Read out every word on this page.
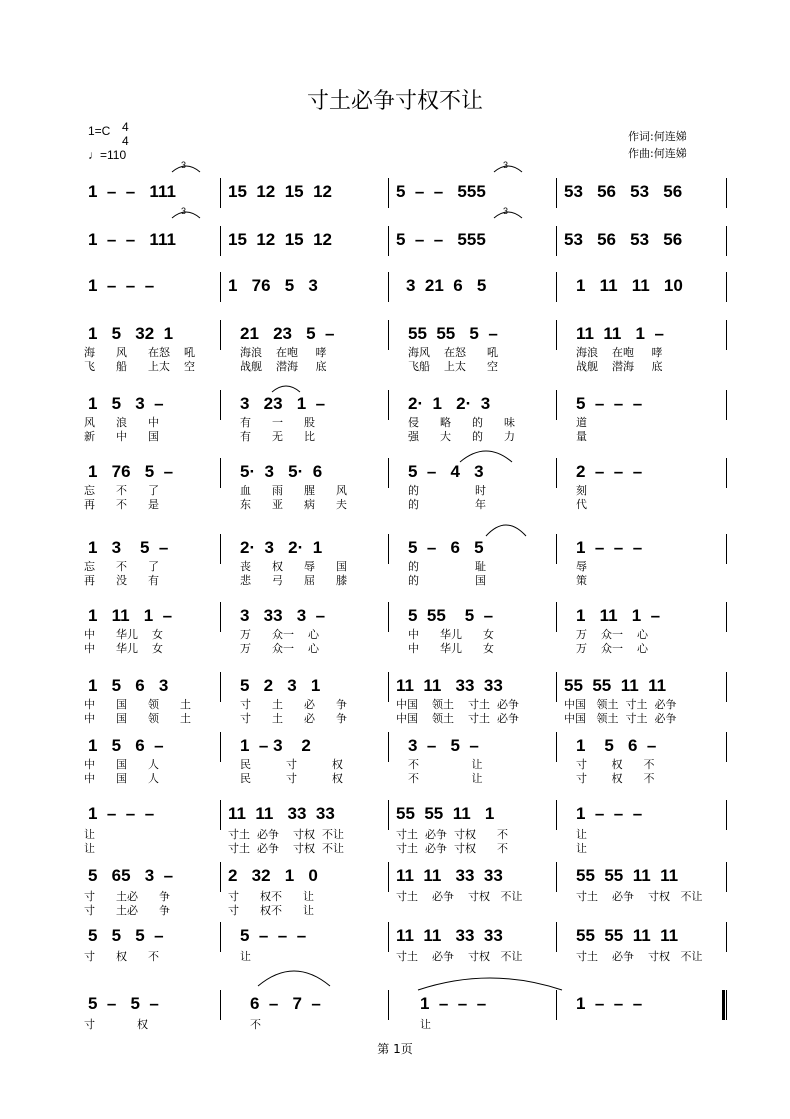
寸土必争寸权不让
1=C 4
4
♩=110
作词:何连娣
作曲:何连娣
1  –  –   111	15  12  15  12	5  –  –   555	53   56   53   56
1  –  –   111	15  12  15  12	5  –  –   555	53   56   53   56
1  –  –  –	1   76   5   3	3  21  6   5	1   11   11   10
1   5   32  1	21   23   5  –	55  55   5  –	11  11   1  –
海      风      在怒    吼	海浪    在咆     哮	海风    在怒      吼	海浪    在咆     哮
飞      船      上太    空	战舰    潜海     底	飞船    上太      空	战舰    潜海     底
1   5   3  –	3   23   1  –	2·  1   2·  3	5  –  –  –
风      浪      中	有      一      股	侵      略      的      味	道
新      中      国	有      无      比	强      大      的      力	量
1   76   5  –	5·  3   5·  6	5  –   4   3	2  –  –  –
忘      不      了	血      雨      腥      风	的                时	刻
再      不      是	东      亚      病      夫	的                年	代
1   3    5  –	2·  3   2·  1	5  –   6   5	1  –  –  –
忘      不      了	丧      权      辱      国	的                耻	辱
再      没      有	悲      弓      屈      膝	的                国	策
1   11   1  –	3   33   3  –	5  55    5  –	1   11   1  –
中      华儿    女	万      众一    心	中      华儿      女	万    众一    心
中      华儿    女	万      众一    心	中      华儿      女	万    众一    心
1   5   6   3	5   2   3   1	11  11   33  33	55  55  11  11
中      国      领      土	寸      土      必      争	中国    领土    寸土  必争	中国   领土  寸土  必争
中      国      领      土	寸      土      必      争	中国    领土    寸土  必争	中国   领土  寸土  必争
1   5   6  –	1  – 3    2	3  –   5  –	1    5   6  –
中      国      人	民          寸          权	不               让	寸       权      不
中      国      人	民          寸          权	不               让	寸       权      不
1  –  –  –	11  11   33  33	55  55  11   1	1  –  –  –
让	寸土  必争    寸权  不让	寸土  必争  寸权      不	让
让	寸土  必争    寸权  不让	寸土  必争  寸权      不	让
5   65   3  –	2   32   1   0	11  11   33  33	55  55  11  11
寸      土必      争	寸      权不      让	寸土    必争    寸权   不让	寸土    必争    寸权   不让
寸      土必      争	寸      权不      让
5   5   5  –	5  –  –  –	11  11   33  33	55  55  11  11
寸      权      不	让	寸土    必争    寸权   不让	寸土    必争    寸权   不让
5  –   5  –	6  –   7  –	1  –  –  –	1  –  –  –
寸            权	不	让
3	3
3	3
第 1页
